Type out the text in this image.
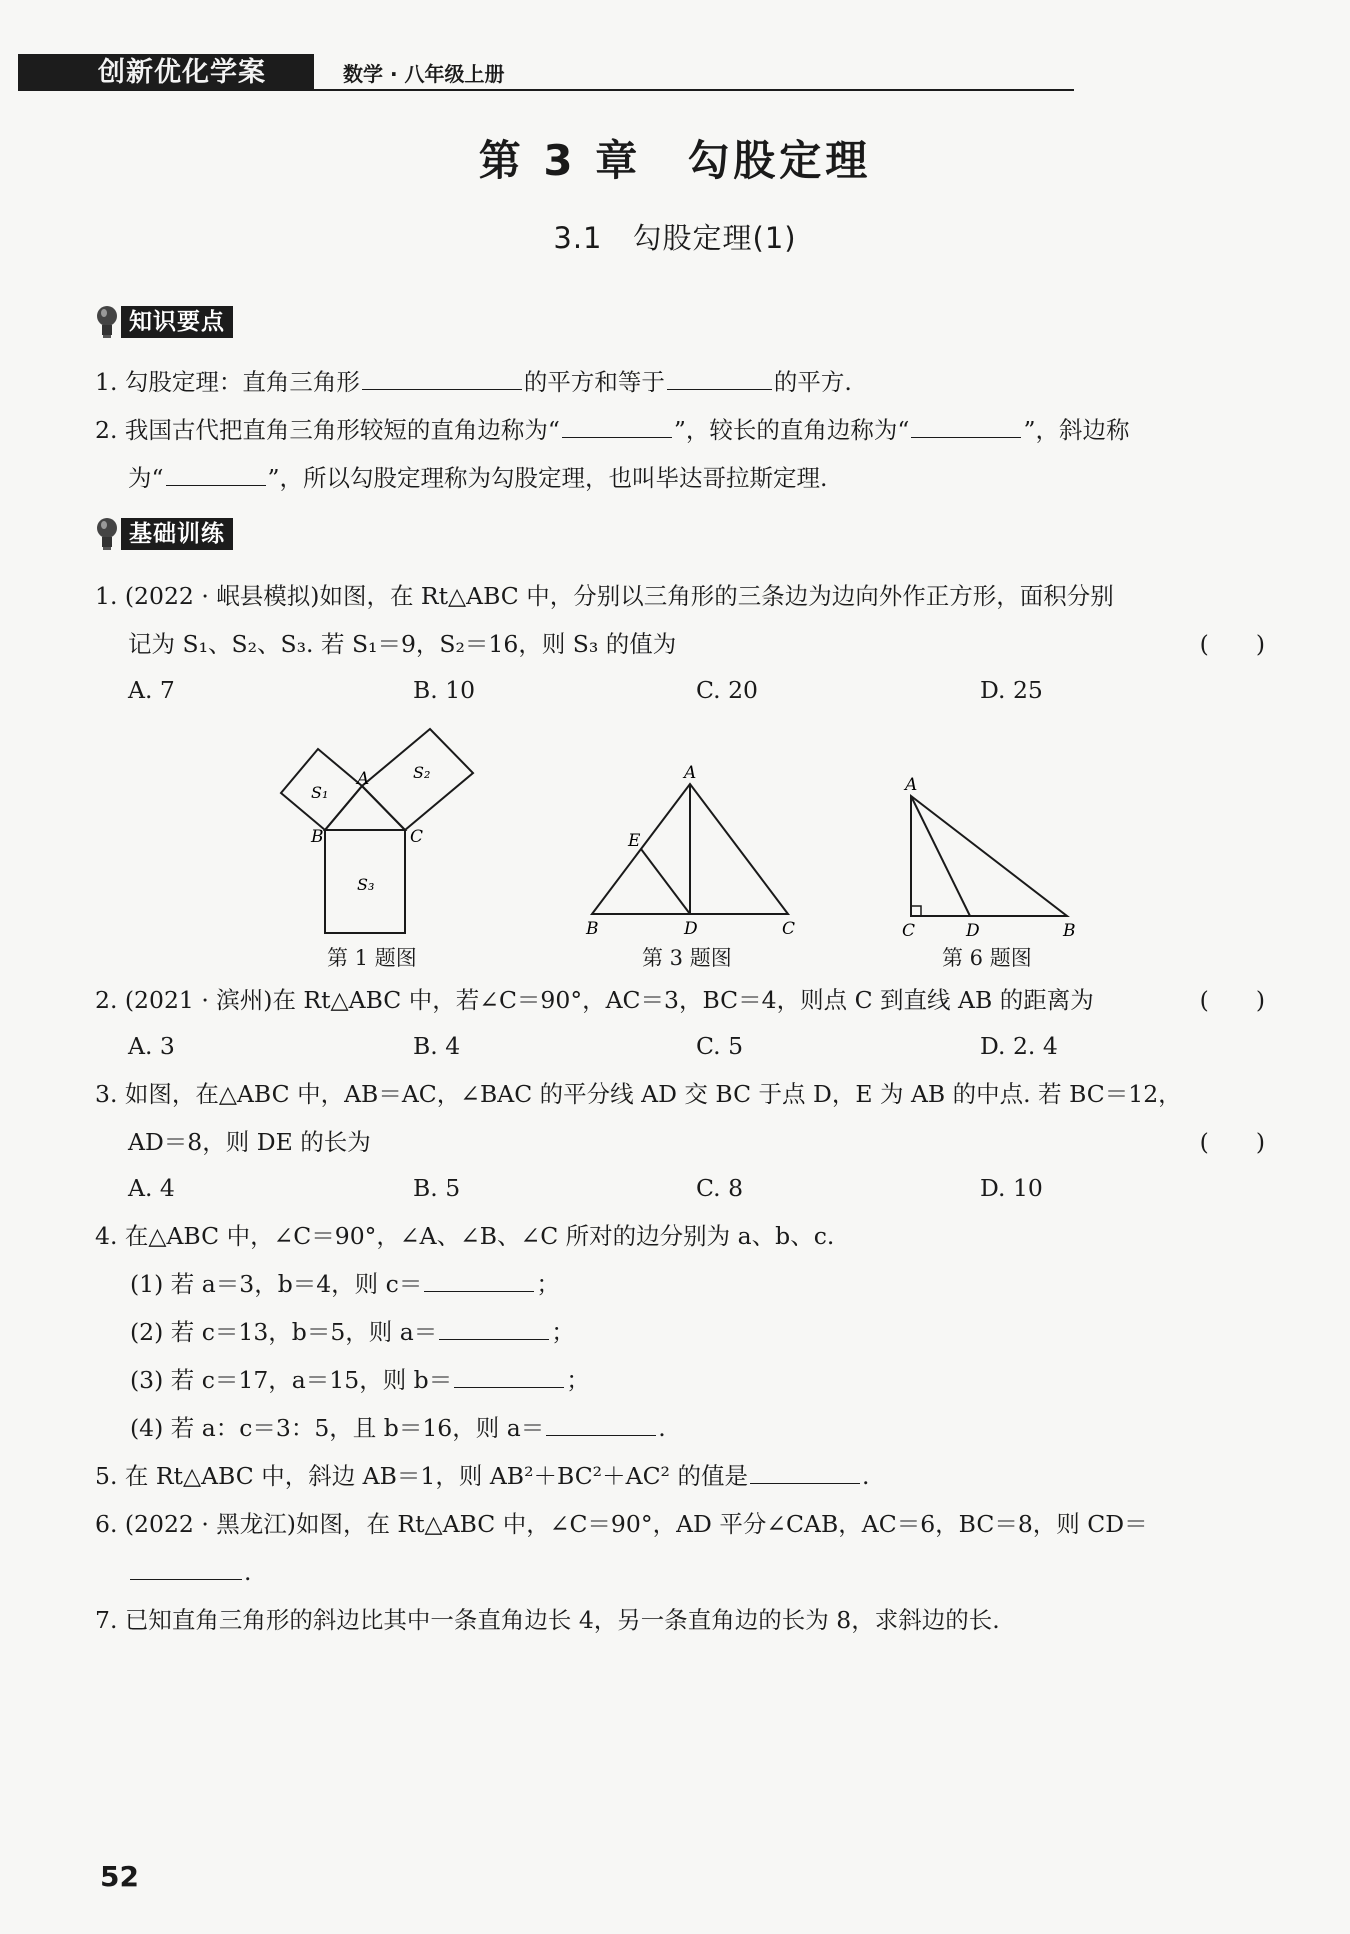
创新优化学案	数学 · 八年级上册
第 3 章　勾股定理
3.1　勾股定理(1)
知识要点
1. 勾股定理：直角三角形	的平方和等于	的平方.
2. 我国古代把直角三角形较短的直角边称为“	”，较长的直角边称为“	”，斜边称
为“	”，所以勾股定理称为勾股定理，也叫毕达哥拉斯定理.
基础训练
1. (2022 · 岷县模拟)如图，在 Rt△ABC 中，分别以三角形的三条边为边向外作正方形，面积分别
记为 S₁、S₂、S₃. 若 S₁＝9，S₂＝16，则 S₃ 的值为	(　　)
A. 7	B. 10	C. 20	D. 25
A
B	C
S₁
S₂
S₃
第 1 题图
A
B	C
D
E
第 3 题图
A
B
C	D
第 6 题图
2. (2021 · 滨州)在 Rt△ABC 中，若∠C＝90°，AC＝3，BC＝4，则点 C 到直线 AB 的距离为	(　　)
A. 3	B. 4	C. 5	D. 2. 4
3. 如图，在△ABC 中，AB＝AC，∠BAC 的平分线 AD 交 BC 于点 D，E 为 AB 的中点. 若 BC＝12，
AD＝8，则 DE 的长为	(　　)
A. 4	B. 5	C. 8	D. 10
4. 在△ABC 中，∠C＝90°，∠A、∠B、∠C 所对的边分别为 a、b、c.
(1) 若 a＝3，b＝4，则 c＝	；
(2) 若 c＝13，b＝5，则 a＝	；
(3) 若 c＝17，a＝15，则 b＝	；
(4) 若 a：c＝3：5，且 b＝16，则 a＝	.
5. 在 Rt△ABC 中，斜边 AB＝1，则 AB²＋BC²＋AC² 的值是	.
6. (2022 · 黑龙江)如图，在 Rt△ABC 中，∠C＝90°，AD 平分∠CAB，AC＝6，BC＝8，则 CD＝
.
7. 已知直角三角形的斜边比其中一条直角边长 4，另一条直角边的长为 8，求斜边的长.
52
